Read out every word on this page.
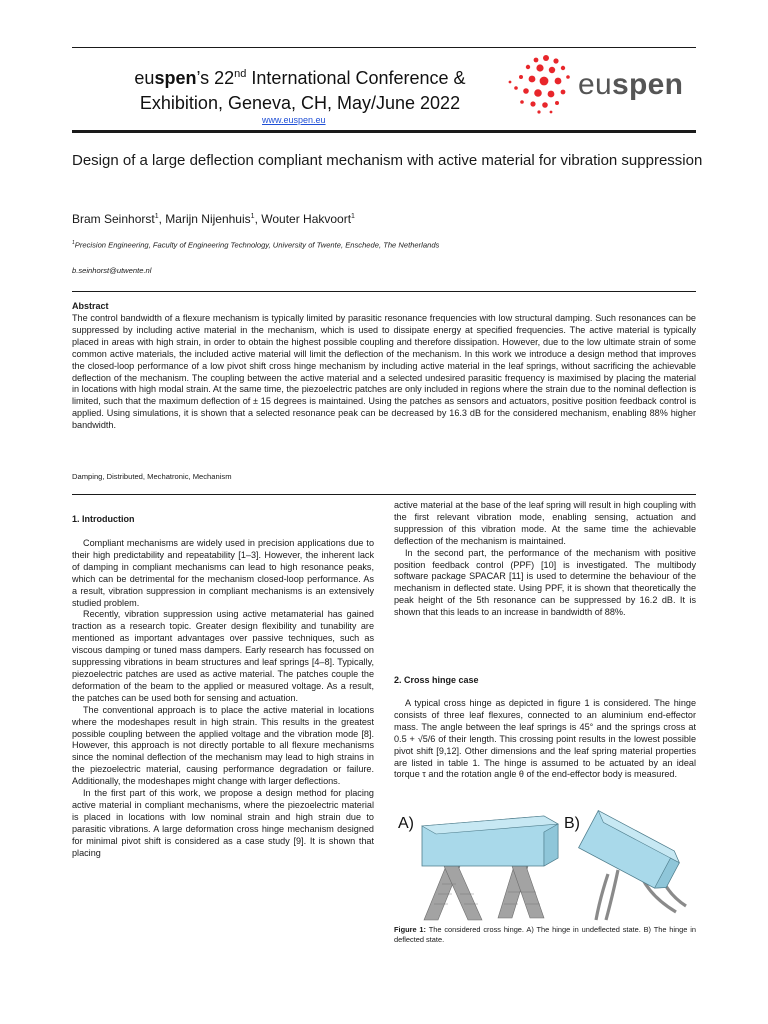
euspen’s 22nd International Conference &
Exhibition, Geneva, CH, May/June 2022
www.euspen.eu
euspen
Design of a large deflection compliant mechanism with active material for vibration suppression
Bram Seinhorst$^1$, Marijn Nijenhuis$^1$, Wouter Hakvoort$^1$
$^1$Precision Engineering, Faculty of Engineering Technology, University of Twente, Enschede, The Netherlands
b.seinhorst@utwente.nl
Abstract
The control bandwidth of a flexure mechanism is typically limited by parasitic resonance frequencies with low structural damping. Such resonances can be suppressed by including active material in the mechanism, which is used to dissipate energy at specified frequencies. The active material is typically placed in areas with high strain, in order to obtain the highest possible coupling and therefore dissipation. However, due to the low ultimate strain of some common active materials, the included active material will limit the deflection of the mechanism. In this work we introduce a design method that improves the closed-loop performance of a low pivot shift cross hinge mechanism by including active material in the leaf springs, without sacrificing the achievable deflection of the mechanism. The coupling between the active material and a selected undesired parasitic frequency is maximised by placing the material in locations with high modal strain. At the same time, the piezoelectric patches are only included in regions where the strain due to the nominal deflection is limited, such that the maximum deflection of ± 15 degrees is maintained. Using the patches as sensors and actuators, positive position feedback control is applied. Using simulations, it is shown that a selected resonance peak can be decreased by 16.3 dB for the considered mechanism, enabling 88% higher bandwidth.
Damping, Distributed, Mechatronic, Mechanism
1. Introduction

Compliant mechanisms are widely used in precision applications due to their high predictability and repeatability [1–3]. However, the inherent lack of damping in compliant mechanisms can lead to high resonance peaks, which can be detrimental for the mechanism closed-loop performance. As a result, vibration suppression in compliant mechanisms is an extensively studied problem.

Recently, vibration suppression using active metamaterial has gained traction as a research topic. Greater design flexibility and tunability are mentioned as important advantages over passive techniques, such as viscous damping or tuned mass dampers. Early research has focussed on suppressing vibrations in beam structures and leaf springs [4–8]. Typically, piezoelectric patches are used as active material. The patches couple the deformation of the beam to the applied or measured voltage. As a result, the patches can be used both for sensing and actuation.

The conventional approach is to place the active material in locations where the modeshapes result in high strain. This results in the greatest possible coupling between the applied voltage and the vibration mode [8]. However, this approach is not directly portable to all flexure mechanisms since the nominal deflection of the mechanism may lead to high strains in the piezoelectric material, causing performance degradation or failure. Additionally, the modeshapes might change with larger deflections.

In the first part of this work, we propose a design method for placing active material in compliant mechanisms, where the piezoelectric material is placed in locations with low nominal strain and high strain due to parasitic vibrations. A large deformation cross hinge mechanism designed for minimal pivot shift is considered as a case study [9]. It is shown that placing

active material at the base of the leaf spring will result in high coupling with the first relevant vibration mode, enabling sensing, actuation and suppression of this vibration mode. At the same time the achievable deflection of the mechanism is maintained.

In the second part, the performance of the mechanism with positive position feedback control (PPF) [10] is investigated. The multibody software package SPACAR [11] is used to determine the behaviour of the mechanism in deflected state. Using PPF, it is shown that theoretically the peak height of the 5th resonance can be suppressed by 16.2 dB. It is shown that this leads to an increase in bandwidth of 88%.

2. Cross hinge case

A typical cross hinge as depicted in figure 1 is considered. The hinge consists of three leaf flexures, connected to an aluminium end-effector mass. The angle between the leaf springs is 45° and the springs cross at 0.5 + √5/6 of their length. This crossing point results in the lowest possible pivot shift [9,12]. Other dimensions and the leaf spring material properties are listed in table 1. The hinge is assumed to be actuated by an ideal torque τ and the rotation angle θ of the end-effector body is measured.

A)	B)
Figure 1: The considered cross hinge. A) The hinge in undeflected state. B) The hinge in deflected state.
